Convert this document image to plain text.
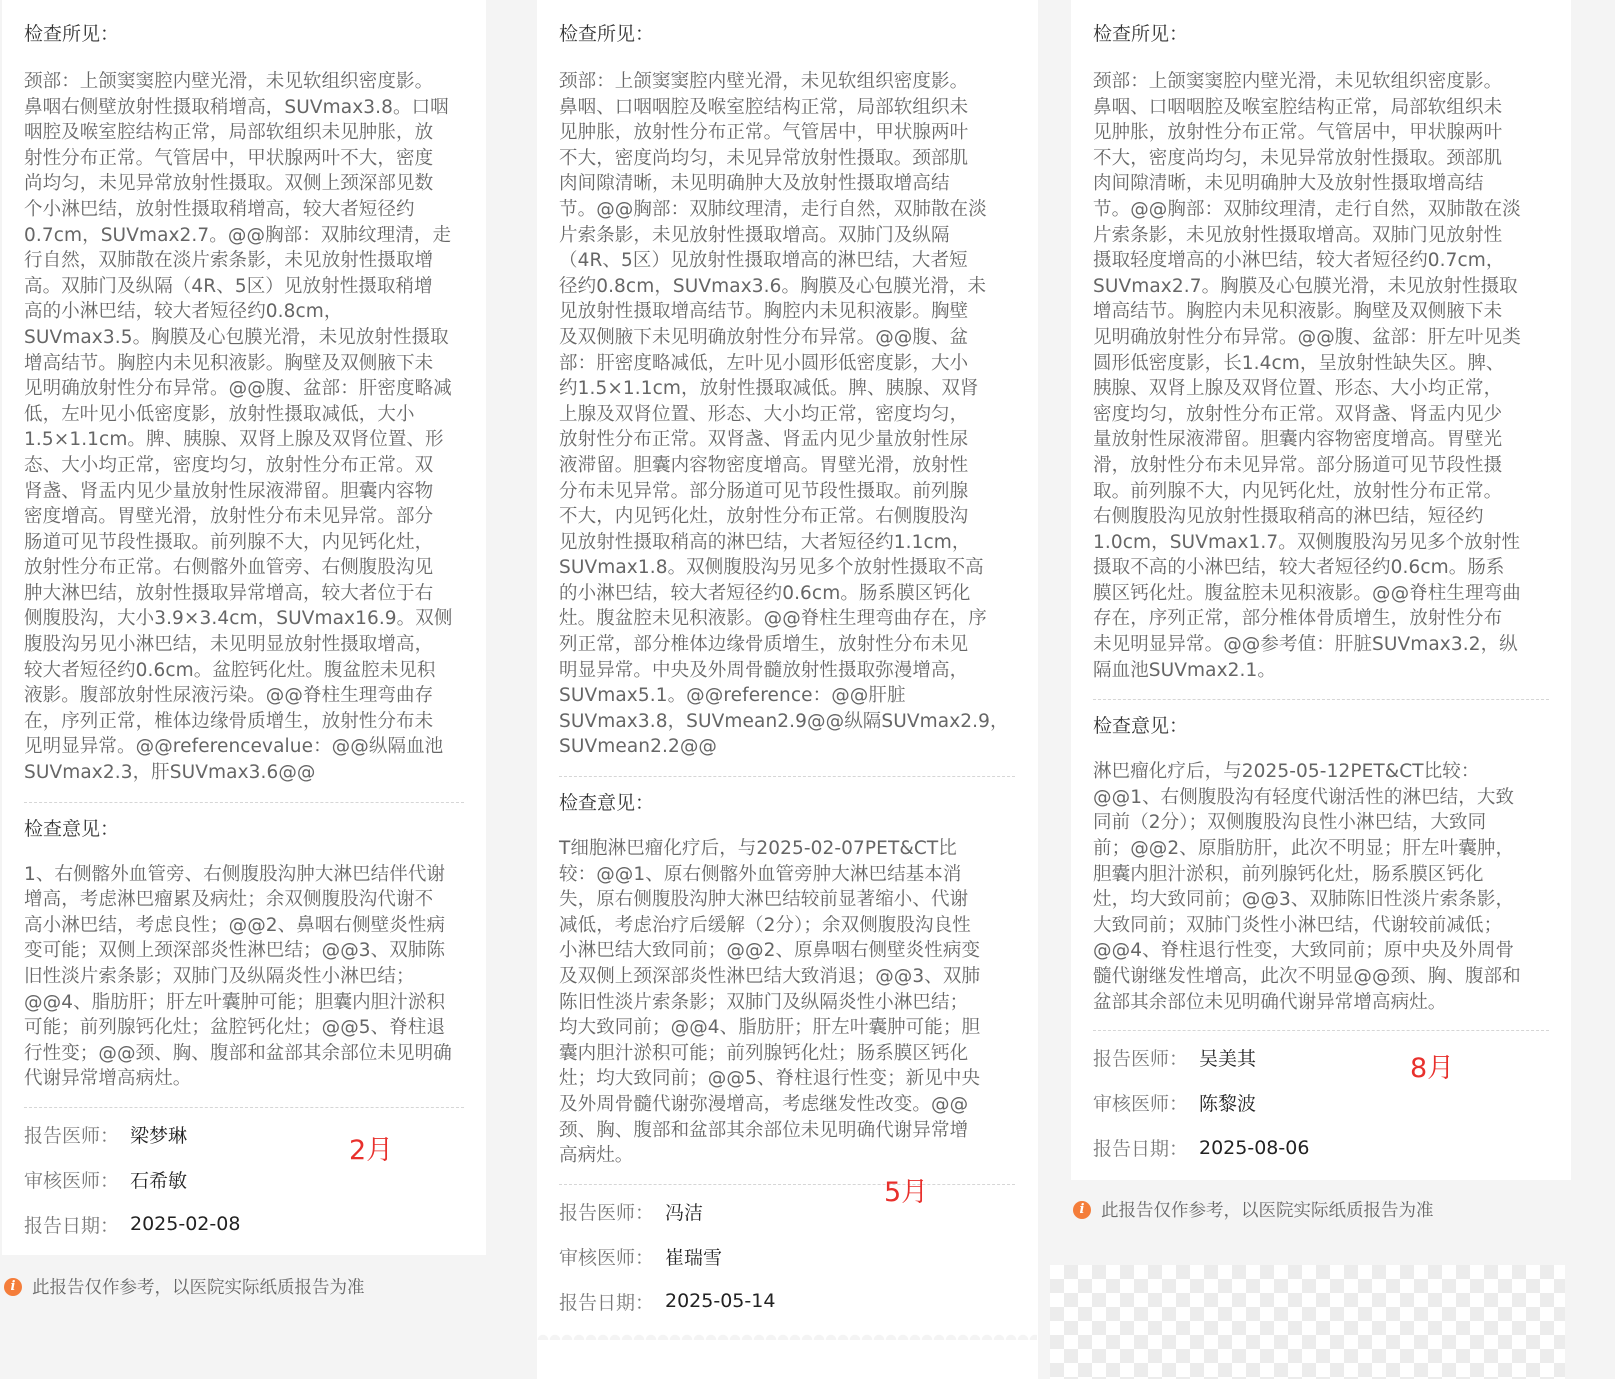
检查所见：
颈部：上颌窦窦腔内壁光滑，未见软组织密度影。
鼻咽右侧壁放射性摄取稍增高，SUVmax3.8。口咽
咽腔及喉室腔结构正常，局部软组织未见肿胀，放
射性分布正常。气管居中，甲状腺两叶不大，密度
尚均匀，未见异常放射性摄取。双侧上颈深部见数
个小淋巴结，放射性摄取稍增高，较大者短径约
0.7cm，SUVmax2.7。@@胸部：双肺纹理清，走
行自然，双肺散在淡片索条影，未见放射性摄取增
高。双肺门及纵隔（4R、5区）见放射性摄取稍增
高的小淋巴结，较大者短径约0.8cm，
SUVmax3.5。胸膜及心包膜光滑，未见放射性摄取
增高结节。胸腔内未见积液影。胸壁及双侧腋下未
见明确放射性分布异常。@@腹、盆部：肝密度略减
低，左叶见小低密度影，放射性摄取减低，大小
1.5×1.1cm。脾、胰腺、双肾上腺及双肾位置、形
态、大小均正常，密度均匀，放射性分布正常。双
肾盏、肾盂内见少量放射性尿液滞留。胆囊内容物
密度增高。胃壁光滑，放射性分布未见异常。部分
肠道可见节段性摄取。前列腺不大，内见钙化灶，
放射性分布正常。右侧髂外血管旁、右侧腹股沟见
肿大淋巴结，放射性摄取异常增高，较大者位于右
侧腹股沟，大小3.9×3.4cm，SUVmax16.9。双侧
腹股沟另见小淋巴结，未见明显放射性摄取增高，
较大者短径约0.6cm。盆腔钙化灶。腹盆腔未见积
液影。腹部放射性尿液污染。@@脊柱生理弯曲存
在，序列正常，椎体边缘骨质增生，放射性分布未
见明显异常。@@referencevalue：@@纵隔血池
SUVmax2.3，肝SUVmax3.6@@
检查意见：
1、右侧髂外血管旁、右侧腹股沟肿大淋巴结伴代谢
增高，考虑淋巴瘤累及病灶；余双侧腹股沟代谢不
高小淋巴结，考虑良性；@@2、鼻咽右侧壁炎性病
变可能；双侧上颈深部炎性淋巴结；@@3、双肺陈
旧性淡片索条影；双肺门及纵隔炎性小淋巴结；
@@4、脂肪肝；肝左叶囊肿可能；胆囊内胆汁淤积
可能；前列腺钙化灶；盆腔钙化灶；@@5、脊柱退
行性变；@@颈、胸、腹部和盆部其余部位未见明确
代谢异常增高病灶。
报告医师： 梁梦琳
审核医师： 石希敏
报告日期： 2025-02-08
2月
i 此报告仅作参考，以医院实际纸质报告为准
检查所见：
颈部：上颌窦窦腔内壁光滑，未见软组织密度影。
鼻咽、口咽咽腔及喉室腔结构正常，局部软组织未
见肿胀，放射性分布正常。气管居中，甲状腺两叶
不大，密度尚均匀，未见异常放射性摄取。颈部肌
肉间隙清晰，未见明确肿大及放射性摄取增高结
节。@@胸部：双肺纹理清，走行自然，双肺散在淡
片索条影，未见放射性摄取增高。双肺门及纵隔
（4R、5区）见放射性摄取增高的淋巴结，大者短
径约0.8cm，SUVmax3.6。胸膜及心包膜光滑，未
见放射性摄取增高结节。胸腔内未见积液影。胸壁
及双侧腋下未见明确放射性分布异常。@@腹、盆
部：肝密度略减低，左叶见小圆形低密度影，大小
约1.5×1.1cm，放射性摄取减低。脾、胰腺、双肾
上腺及双肾位置、形态、大小均正常，密度均匀，
放射性分布正常。双肾盏、肾盂内见少量放射性尿
液滞留。胆囊内容物密度增高。胃壁光滑，放射性
分布未见异常。部分肠道可见节段性摄取。前列腺
不大，内见钙化灶，放射性分布正常。右侧腹股沟
见放射性摄取稍高的淋巴结，大者短径约1.1cm，
SUVmax1.8。双侧腹股沟另见多个放射性摄取不高
的小淋巴结，较大者短径约0.6cm。肠系膜区钙化
灶。腹盆腔未见积液影。@@脊柱生理弯曲存在，序
列正常，部分椎体边缘骨质增生，放射性分布未见
明显异常。中央及外周骨髓放射性摄取弥漫增高，
SUVmax5.1。@@reference：@@肝脏
SUVmax3.8，SUVmean2.9@@纵隔SUVmax2.9，
SUVmean2.2@@
检查意见：
T细胞淋巴瘤化疗后，与2025-02-07PET&CT比
较：@@1、原右侧髂外血管旁肿大淋巴结基本消
失，原右侧腹股沟肿大淋巴结较前显著缩小、代谢
减低，考虑治疗后缓解（2分）；余双侧腹股沟良性
小淋巴结大致同前；@@2、原鼻咽右侧壁炎性病变
及双侧上颈深部炎性淋巴结大致消退；@@3、双肺
陈旧性淡片索条影；双肺门及纵隔炎性小淋巴结；
均大致同前；@@4、脂肪肝；肝左叶囊肿可能；胆
囊内胆汁淤积可能；前列腺钙化灶；肠系膜区钙化
灶；均大致同前；@@5、脊柱退行性变；新见中央
及外周骨髓代谢弥漫增高，考虑继发性改变。@@
颈、胸、腹部和盆部其余部位未见明确代谢异常增
高病灶。
报告医师： 冯洁
审核医师： 崔瑞雪
报告日期： 2025-05-14
5月
检查所见：
颈部：上颌窦窦腔内壁光滑，未见软组织密度影。
鼻咽、口咽咽腔及喉室腔结构正常，局部软组织未
见肿胀，放射性分布正常。气管居中，甲状腺两叶
不大，密度尚均匀，未见异常放射性摄取。颈部肌
肉间隙清晰，未见明确肿大及放射性摄取增高结
节。@@胸部：双肺纹理清，走行自然，双肺散在淡
片索条影，未见放射性摄取增高。双肺门见放射性
摄取轻度增高的小淋巴结，较大者短径约0.7cm，
SUVmax2.7。胸膜及心包膜光滑，未见放射性摄取
增高结节。胸腔内未见积液影。胸壁及双侧腋下未
见明确放射性分布异常。@@腹、盆部：肝左叶见类
圆形低密度影，长1.4cm，呈放射性缺失区。脾、
胰腺、双肾上腺及双肾位置、形态、大小均正常，
密度均匀，放射性分布正常。双肾盏、肾盂内见少
量放射性尿液滞留。胆囊内容物密度增高。胃壁光
滑，放射性分布未见异常。部分肠道可见节段性摄
取。前列腺不大，内见钙化灶，放射性分布正常。
右侧腹股沟见放射性摄取稍高的淋巴结，短径约
1.0cm，SUVmax1.7。双侧腹股沟另见多个放射性
摄取不高的小淋巴结，较大者短径约0.6cm。肠系
膜区钙化灶。腹盆腔未见积液影。@@脊柱生理弯曲
存在，序列正常，部分椎体骨质增生，放射性分布
未见明显异常。@@参考值：肝脏SUVmax3.2，纵
隔血池SUVmax2.1。
检查意见：
淋巴瘤化疗后，与2025-05-12PET&CT比较：
@@1、右侧腹股沟有轻度代谢活性的淋巴结，大致
同前（2分）；双侧腹股沟良性小淋巴结，大致同
前；@@2、原脂肪肝，此次不明显；肝左叶囊肿，
胆囊内胆汁淤积，前列腺钙化灶，肠系膜区钙化
灶，均大致同前；@@3、双肺陈旧性淡片索条影，
大致同前；双肺门炎性小淋巴结，代谢较前减低；
@@4、脊柱退行性变，大致同前；原中央及外周骨
髓代谢继发性增高，此次不明显@@颈、胸、腹部和
盆部其余部位未见明确代谢异常增高病灶。
报告医师： 吴美其
审核医师： 陈黎波
报告日期： 2025-08-06
8月
i 此报告仅作参考，以医院实际纸质报告为准
